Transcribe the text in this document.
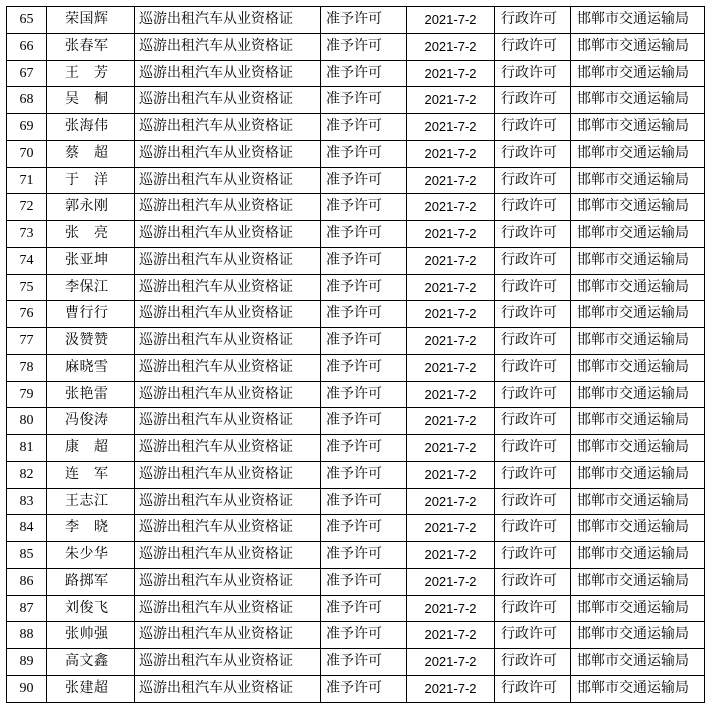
65	荣国辉	巡游出租汽车从业资格证	准予许可	2021-7-2	行政许可	邯郸市交通运输局
66	张春军	巡游出租汽车从业资格证	准予许可	2021-7-2	行政许可	邯郸市交通运输局
67	王　芳	巡游出租汽车从业资格证	准予许可	2021-7-2	行政许可	邯郸市交通运输局
68	吴　桐	巡游出租汽车从业资格证	准予许可	2021-7-2	行政许可	邯郸市交通运输局
69	张海伟	巡游出租汽车从业资格证	准予许可	2021-7-2	行政许可	邯郸市交通运输局
70	蔡　超	巡游出租汽车从业资格证	准予许可	2021-7-2	行政许可	邯郸市交通运输局
71	于　洋	巡游出租汽车从业资格证	准予许可	2021-7-2	行政许可	邯郸市交通运输局
72	郭永刚	巡游出租汽车从业资格证	准予许可	2021-7-2	行政许可	邯郸市交通运输局
73	张　亮	巡游出租汽车从业资格证	准予许可	2021-7-2	行政许可	邯郸市交通运输局
74	张亚坤	巡游出租汽车从业资格证	准予许可	2021-7-2	行政许可	邯郸市交通运输局
75	李保江	巡游出租汽车从业资格证	准予许可	2021-7-2	行政许可	邯郸市交通运输局
76	曹行行	巡游出租汽车从业资格证	准予许可	2021-7-2	行政许可	邯郸市交通运输局
77	汲赞赞	巡游出租汽车从业资格证	准予许可	2021-7-2	行政许可	邯郸市交通运输局
78	麻晓雪	巡游出租汽车从业资格证	准予许可	2021-7-2	行政许可	邯郸市交通运输局
79	张艳雷	巡游出租汽车从业资格证	准予许可	2021-7-2	行政许可	邯郸市交通运输局
80	冯俊涛	巡游出租汽车从业资格证	准予许可	2021-7-2	行政许可	邯郸市交通运输局
81	康　超	巡游出租汽车从业资格证	准予许可	2021-7-2	行政许可	邯郸市交通运输局
82	连　军	巡游出租汽车从业资格证	准予许可	2021-7-2	行政许可	邯郸市交通运输局
83	王志江	巡游出租汽车从业资格证	准予许可	2021-7-2	行政许可	邯郸市交通运输局
84	李　晓	巡游出租汽车从业资格证	准予许可	2021-7-2	行政许可	邯郸市交通运输局
85	朱少华	巡游出租汽车从业资格证	准予许可	2021-7-2	行政许可	邯郸市交通运输局
86	路掷军	巡游出租汽车从业资格证	准予许可	2021-7-2	行政许可	邯郸市交通运输局
87	刘俊飞	巡游出租汽车从业资格证	准予许可	2021-7-2	行政许可	邯郸市交通运输局
88	张帅强	巡游出租汽车从业资格证	准予许可	2021-7-2	行政许可	邯郸市交通运输局
89	高文鑫	巡游出租汽车从业资格证	准予许可	2021-7-2	行政许可	邯郸市交通运输局
90	张建超	巡游出租汽车从业资格证	准予许可	2021-7-2	行政许可	邯郸市交通运输局
